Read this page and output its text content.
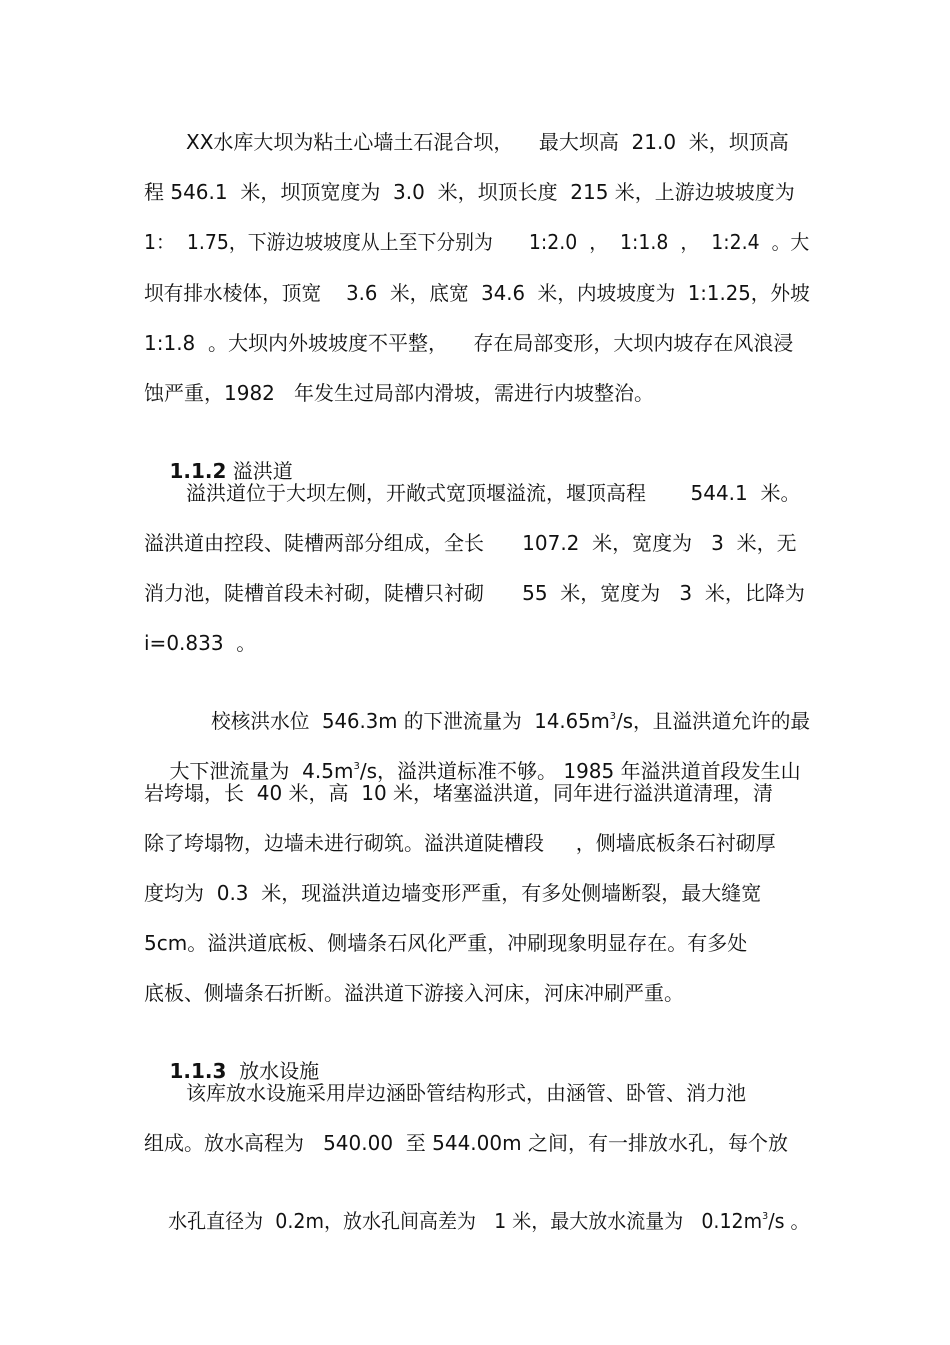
XX水库大坝为粘土心墙土石混合坝，    最大坝高  21.0  米，坝顶高
程 546.1  米，坝顶宽度为  3.0  米，坝顶长度  215 米，上游边坡坡度为
1：  1.75，下游边坡坡度从上至下分别为      1:2.0  ，  1:1.8  ，  1:2.4  。大
坝有排水棱体，顶宽    3.6  米，底宽  34.6  米，内坡坡度为  1:1.25，外坡
1:1.8  。大坝内外坡坡度不平整，    存在局部变形，大坝内坡存在风浪浸
蚀严重，1982   年发生过局部内滑坡，需进行内坡整治。

1.1.2 溢洪道

溢洪道位于大坝左侧，开敞式宽顶堰溢流，堰顶高程       544.1  米。
溢洪道由控段、陡槽两部分组成，全长      107.2  米，宽度为   3  米，无
消力池，陡槽首段未衬砌，陡槽只衬砌      55  米，宽度为   3  米，比降为
i=0.833  。

校核洪水位  546.3m 的下泄流量为  $14.65m^3/s$，且溢洪道允许的最

大下泄流量为  $4.5m^3/s$，溢洪道标准不够。 1985 年溢洪道首段发生山

岩垮塌，长  40 米，高  10 米，堵塞溢洪道，同年进行溢洪道清理，清
除了垮塌物，边墙未进行砌筑。溢洪道陡槽段     ，侧墙底板条石衬砌厚
度均为  0.3  米，现溢洪道边墙变形严重，有多处侧墙断裂，最大缝宽
5cm。溢洪道底板、侧墙条石风化严重，冲刷现象明显存在。有多处
底板、侧墙条石折断。溢洪道下游接入河床，河床冲刷严重。

1.1.3  放水设施

该库放水设施采用岸边涵卧管结构形式，由涵管、卧管、消力池
组成。放水高程为   540.00  至 544.00m 之间，有一排放水孔，每个放

水孔直径为  0.2m，放水孔间高差为   1 米，最大放水流量为   $0.12m^3/s$ 。
